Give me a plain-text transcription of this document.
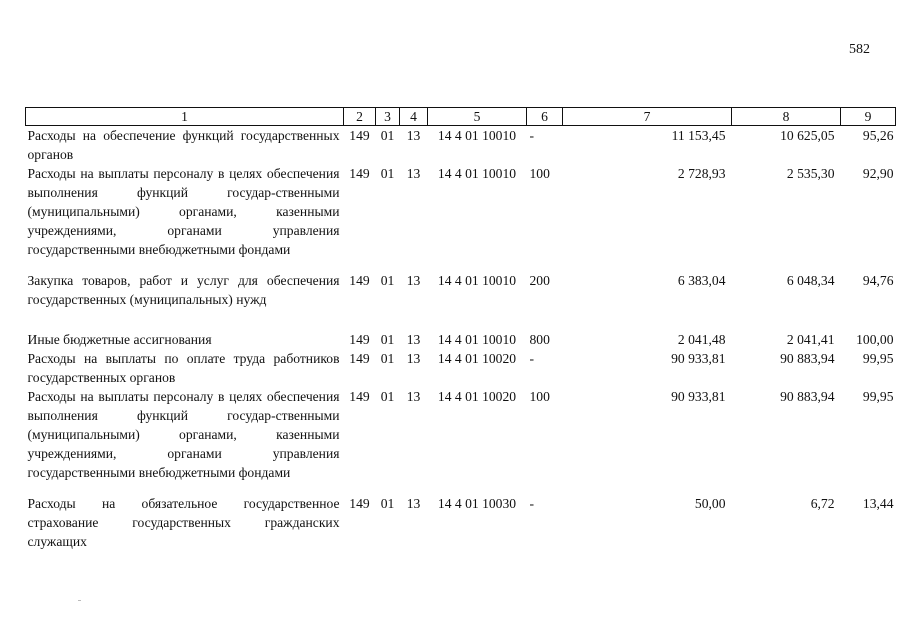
582
1	2	3	4	5	6	7	8	9
Расходы на обеспечение функций государственных органов	149	01	13	14 4 01 10010	-	11 153,45	10 625,05	95,26
Расходы на выплаты персоналу в целях обеспечения выполнения функций государ-ственными (муниципальными) органами, казенными учреждениями, органами управления государственными внебюджетными фондами	149	01	13	14 4 01 10010	100	2 728,93	2 535,30	92,90
Закупка товаров, работ и услуг для обеспечения государственных (муниципальных) нужд	149	01	13	14 4 01 10010	200	6 383,04	6 048,34	94,76
Иные бюджетные ассигнования	149	01	13	14 4 01 10010	800	2 041,48	2 041,41	100,00
Расходы на выплаты по оплате труда работников государственных органов	149	01	13	14 4 01 10020	-	90 933,81	90 883,94	99,95
Расходы на выплаты персоналу в целях обеспечения выполнения функций государ-ственными (муниципальными) органами, казенными учреждениями, органами управления государственными внебюджетными фондами	149	01	13	14 4 01 10020	100	90 933,81	90 883,94	99,95
Расходы на обязательное государственное страхование государственных гражданских служащих	149	01	13	14 4 01 10030	-	50,00	6,72	13,44
